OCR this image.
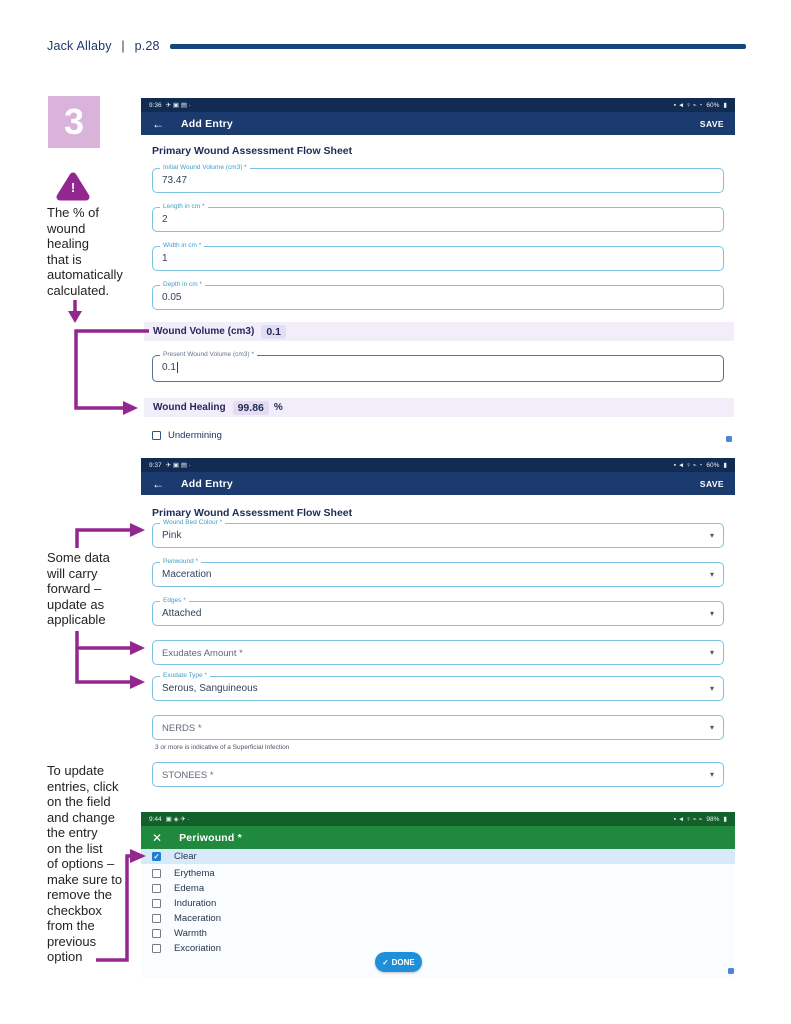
Jack Allaby | p.28
3
!
The % of
wound
healing
that is
automatically
calculated.
Some data
will carry
forward –
update as
applicable
To update
entries, click
on the field
and change
the entry
on the list
of options –
make sure to
remove the
checkbox
from the
previous
option
9:36 ✈ ▣ ▤ ·	▪ ◄ ♀ ⌁ ◔ 60% ▮
← Add Entry	SAVE
Primary Wound Assessment Flow Sheet
Initial Wound Volume (cm3) *
73.47
Length in cm *
2
Width in cm *
1
Depth in cm *
0.05
Wound Volume (cm3)	0.1
Present Wound Volume (cm3) *
0.1
Wound Healing	99.86	%
Undermining
9:37 ✈ ▣ ▤ ·	▪ ◄ ♀ ⌁ ◔ 60% ▮
← Add Entry	SAVE
Primary Wound Assessment Flow Sheet
Wound Bed Colour *
Pink	▾
Periwound *
Maceration	▾
Edges *
Attached	▾
Exudates Amount *	▾
Exudate Type *
Serous, Sanguineous	▾
NERDS *	▾
3 or more is indicative of a Superficial Infection
STONEES *	▾
9:44 ▣ ◈ ✈ ·	▪ ◄ ♀ ⌁ ⌁ 98% ▮
✕ Periwound *
✓ Clear
Erythema
Edema
Induration
Maceration
Warmth
Excoriation
✓ DONE
